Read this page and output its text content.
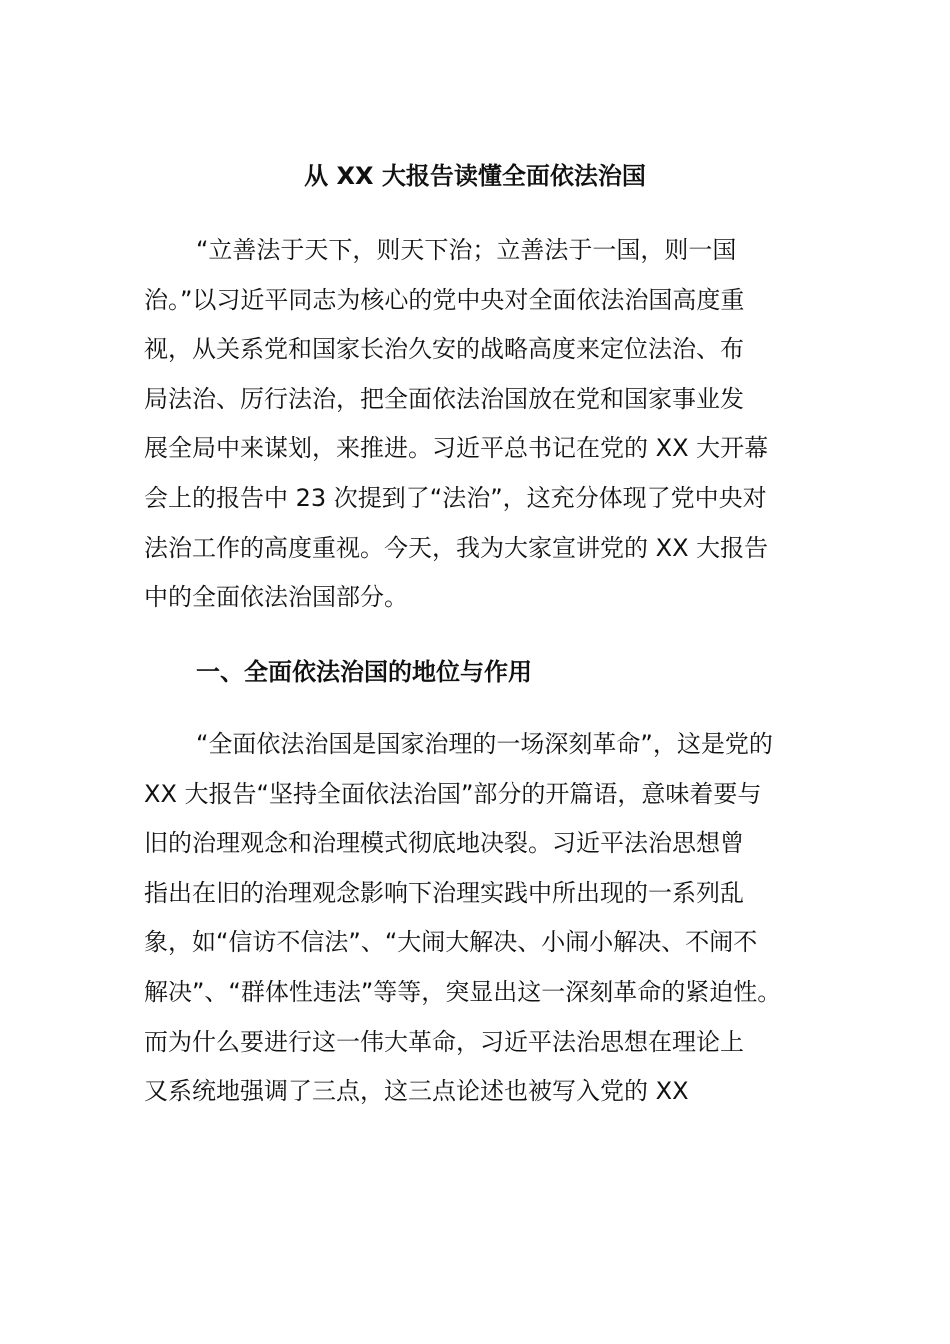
从 XX 大报告读懂全面依法治国

“立善法于天下，则天下治；立善法于一国，则一国
治。”以习近平同志为核心的党中央对全面依法治国高度重
视，从关系党和国家长治久安的战略高度来定位法治、布
局法治、厉行法治，把全面依法治国放在党和国家事业发
展全局中来谋划，来推进。习近平总书记在党的 XX 大开幕
会上的报告中 23 次提到了“法治”，这充分体现了党中央对
法治工作的高度重视。今天，我为大家宣讲党的 XX 大报告
中的全面依法治国部分。

一、全面依法治国的地位与作用

“全面依法治国是国家治理的一场深刻革命”，这是党的
XX 大报告“坚持全面依法治国”部分的开篇语，意味着要与
旧的治理观念和治理模式彻底地决裂。习近平法治思想曾
指出在旧的治理观念影响下治理实践中所出现的一系列乱
象，如“信访不信法”、“大闹大解决、小闹小解决、不闹不
解决”、“群体性违法”等等，突显出这一深刻革命的紧迫性。
而为什么要进行这一伟大革命，习近平法治思想在理论上
又系统地强调了三点，这三点论述也被写入党的 XX
